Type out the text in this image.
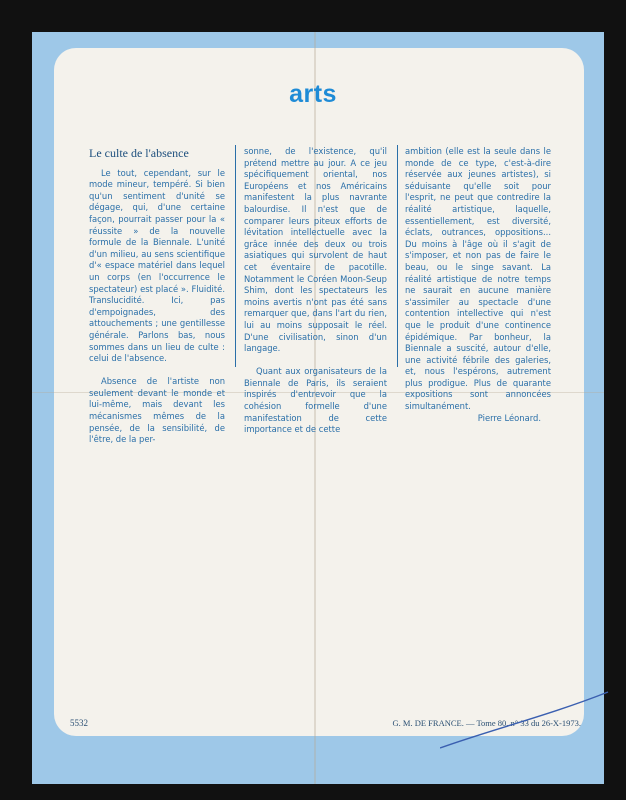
arts
Le culte de l'absence

Le tout, cependant, sur le mode mineur, tempéré. Si bien qu'un sentiment d'unité se dégage, qui, d'une certaine façon, pourrait passer pour la « réussite » de la nouvelle formule de la Biennale. L'unité d'un milieu, au sens scientifique d'« espace matériel dans lequel un corps (en l'occurrence le spectateur) est placé ». Fluidité. Translucidité. Ici, pas d'empoignades, des attouchements ; une gentillesse générale. Parlons bas, nous sommes dans un lieu de culte : celui de l'absence.

Absence de l'artiste non seulement devant le monde et lui-même, mais devant les mécanismes mêmes de la pensée, de la sensibilité, de l'être, de la per-

sonne, de l'existence, qu'il prétend mettre au jour. A ce jeu spécifiquement oriental, nos Européens et nos Américains manifestent la plus navrante balourdise. Il n'est que de comparer leurs piteux efforts de lévitation intellectuelle avec la grâce innée des deux ou trois asiatiques qui survolent de haut cet éventaire de pacotille. Notamment le Coréen Moon-Seup Shim, dont les spectateurs les moins avertis n'ont pas été sans remarquer que, dans l'art du rien, lui au moins supposait le réel. D'une civilisation, sinon d'un langage.

Quant aux organisateurs de la Biennale de Paris, ils seraient inspirés d'entrevoir que la cohésion formelle d'une manifestation de cette importance et de cette

ambition (elle est la seule dans le monde de ce type, c'est-à-dire réservée aux jeunes artistes), si séduisante qu'elle soit pour l'esprit, ne peut que contredire la réalité artistique, laquelle, essentiellement, est diversité, éclats, outrances, oppositions... Du moins à l'âge où il s'agit de s'imposer, et non pas de faire le beau, ou le singe savant. La réalité artistique de notre temps ne saurait en aucune manière s'assimiler au spectacle d'une contention intellective qui n'est que le produit d'une continence épidémique. Par bonheur, la Biennale a suscité, autour d'elle, une activité fébrile des galeries, et, nous l'espérons, autrement plus prodigue. Plus de quarante expositions sont annoncées simultanément.

Pierre Léonard.

5532	G. M. DE FRANCE. — Tome 80, n° 33 du 26-X-1973.
